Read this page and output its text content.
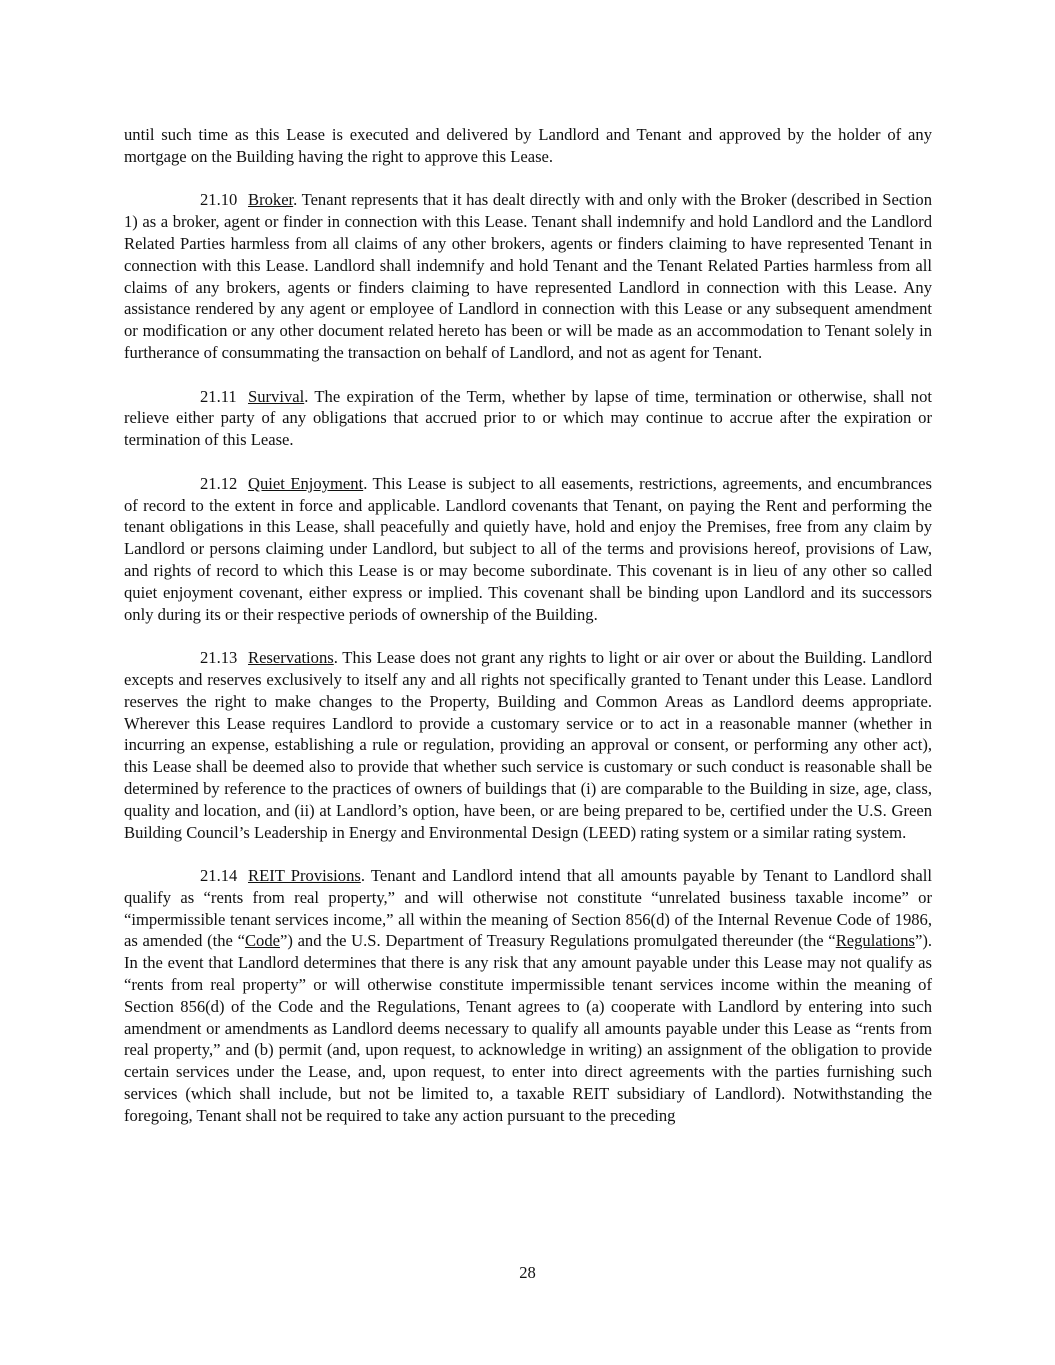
until such time as this Lease is executed and delivered by Landlord and Tenant and approved by the holder of any mortgage on the Building having the right to approve this Lease.

21.10 Broker. Tenant represents that it has dealt directly with and only with the Broker (described in Section 1) as a broker, agent or finder in connection with this Lease. Tenant shall indemnify and hold Landlord and the Landlord Related Parties harmless from all claims of any other brokers, agents or finders claiming to have represented Tenant in connection with this Lease. Landlord shall indemnify and hold Tenant and the Tenant Related Parties harmless from all claims of any brokers, agents or finders claiming to have represented Landlord in connection with this Lease. Any assistance rendered by any agent or employee of Landlord in connection with this Lease or any subsequent amendment or modification or any other document related hereto has been or will be made as an accommodation to Tenant solely in furtherance of consummating the transaction on behalf of Landlord, and not as agent for Tenant.

21.11 Survival. The expiration of the Term, whether by lapse of time, termination or otherwise, shall not relieve either party of any obligations that accrued prior to or which may continue to accrue after the expiration or termination of this Lease.

21.12 Quiet Enjoyment. This Lease is subject to all easements, restrictions, agreements, and encumbrances of record to the extent in force and applicable. Landlord covenants that Tenant, on paying the Rent and performing the tenant obligations in this Lease, shall peacefully and quietly have, hold and enjoy the Premises, free from any claim by Landlord or persons claiming under Landlord, but subject to all of the terms and provisions hereof, provisions of Law, and rights of record to which this Lease is or may become subordinate. This covenant is in lieu of any other so called quiet enjoyment covenant, either express or implied. This covenant shall be binding upon Landlord and its successors only during its or their respective periods of ownership of the Building.

21.13 Reservations. This Lease does not grant any rights to light or air over or about the Building. Landlord excepts and reserves exclusively to itself any and all rights not specifically granted to Tenant under this Lease. Landlord reserves the right to make changes to the Property, Building and Common Areas as Landlord deems appropriate. Wherever this Lease requires Landlord to provide a customary service or to act in a reasonable manner (whether in incurring an expense, establishing a rule or regulation, providing an approval or consent, or performing any other act), this Lease shall be deemed also to provide that whether such service is customary or such conduct is reasonable shall be determined by reference to the practices of owners of buildings that (i) are comparable to the Building in size, age, class, quality and location, and (ii) at Landlord’s option, have been, or are being prepared to be, certified under the U.S. Green Building Council’s Leadership in Energy and Environmental Design (LEED) rating system or a similar rating system.

21.14 REIT Provisions. Tenant and Landlord intend that all amounts payable by Tenant to Landlord shall qualify as “rents from real property,” and will otherwise not constitute “unrelated business taxable income” or “impermissible tenant services income,” all within the meaning of Section 856(d) of the Internal Revenue Code of 1986, as amended (the “Code”) and the U.S. Department of Treasury Regulations promulgated thereunder (the “Regulations”). In the event that Landlord determines that there is any risk that any amount payable under this Lease may not qualify as “rents from real property” or will otherwise constitute impermissible tenant services income within the meaning of Section 856(d) of the Code and the Regulations, Tenant agrees to (a) cooperate with Landlord by entering into such amendment or amendments as Landlord deems necessary to qualify all amounts payable under this Lease as “rents from real property,” and (b) permit (and, upon request, to acknowledge in writing) an assignment of the obligation to provide certain services under the Lease, and, upon request, to enter into direct agreements with the parties furnishing such services (which shall include, but not be limited to, a taxable REIT subsidiary of Landlord). Notwithstanding the foregoing, Tenant shall not be required to take any action pursuant to the preceding

28
